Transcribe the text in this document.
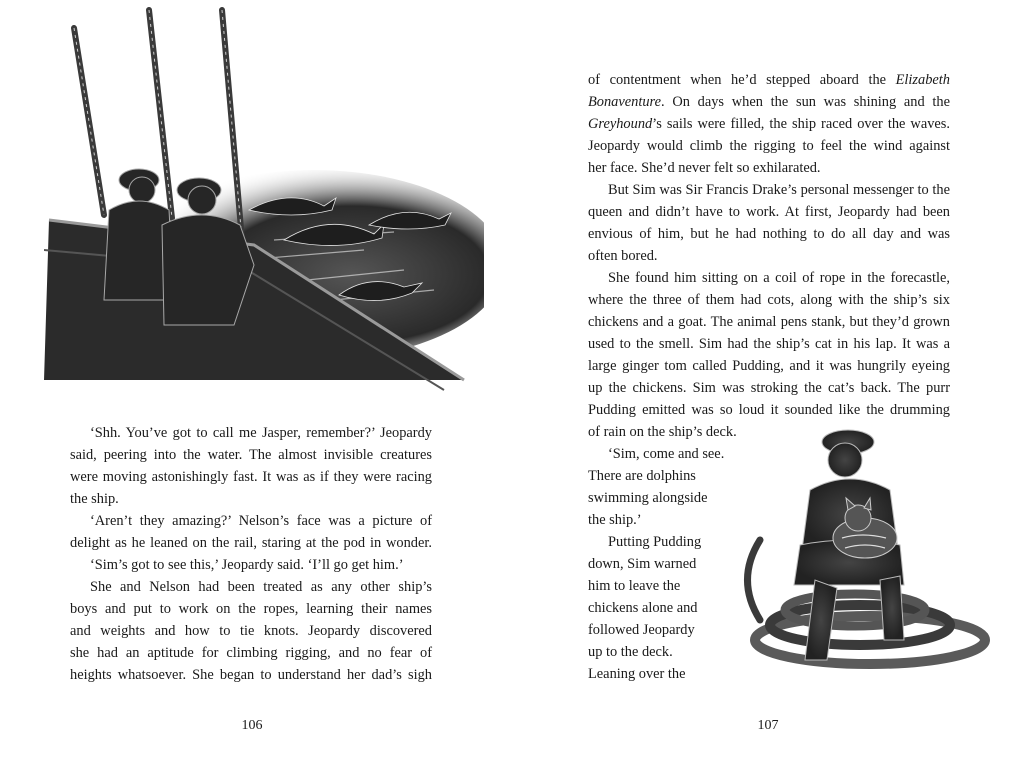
‘Shh. You’ve got to call me Jasper, remember?’ Jeopardy
said, peering into the water. The almost invisible creatures
were moving astonishingly fast. It was as if they were racing
the ship.
‘Aren’t they amazing?’ Nelson’s face was a picture of
delight as he leaned on the rail, staring at the pod in wonder.
‘Sim’s got to see this,’ Jeopardy said. ‘I’ll go get him.’
She and Nelson had been treated as any other ship’s
boys and put to work on the ropes, learning their names
and weights and how to tie knots. Jeopardy discovered
she had an aptitude for climbing rigging, and no fear of
heights whatsoever. She began to understand her dad’s sigh
106
of contentment when he’d stepped aboard the Elizabeth
Bonaventure. On days when the sun was shining and the
Greyhound’s sails were filled, the ship raced over the waves.
Jeopardy would climb the rigging to feel the wind against
her face. She’d never felt so exhilarated.
But Sim was Sir Francis Drake’s personal messenger to the
queen and didn’t have to work. At first, Jeopardy had been
envious of him, but he had nothing to do all day and was
often bored.
She found him sitting on a coil of rope in the forecastle,
where the three of them had cots, along with the ship’s six
chickens and a goat. The animal pens stank, but they’d grown
used to the smell. Sim had the ship’s cat in his lap. It was a
large ginger tom called Pudding, and it was hungrily eyeing
up the chickens. Sim was stroking the cat’s back. The purr
Pudding emitted was so loud it sounded like the drumming
of rain on the ship’s deck.
‘Sim, come and see.
There are dolphins
swimming alongside
the ship.’
Putting Pudding
down, Sim warned
him to leave the
chickens alone and
followed Jeopardy
up to the deck.
Leaning over the
107
